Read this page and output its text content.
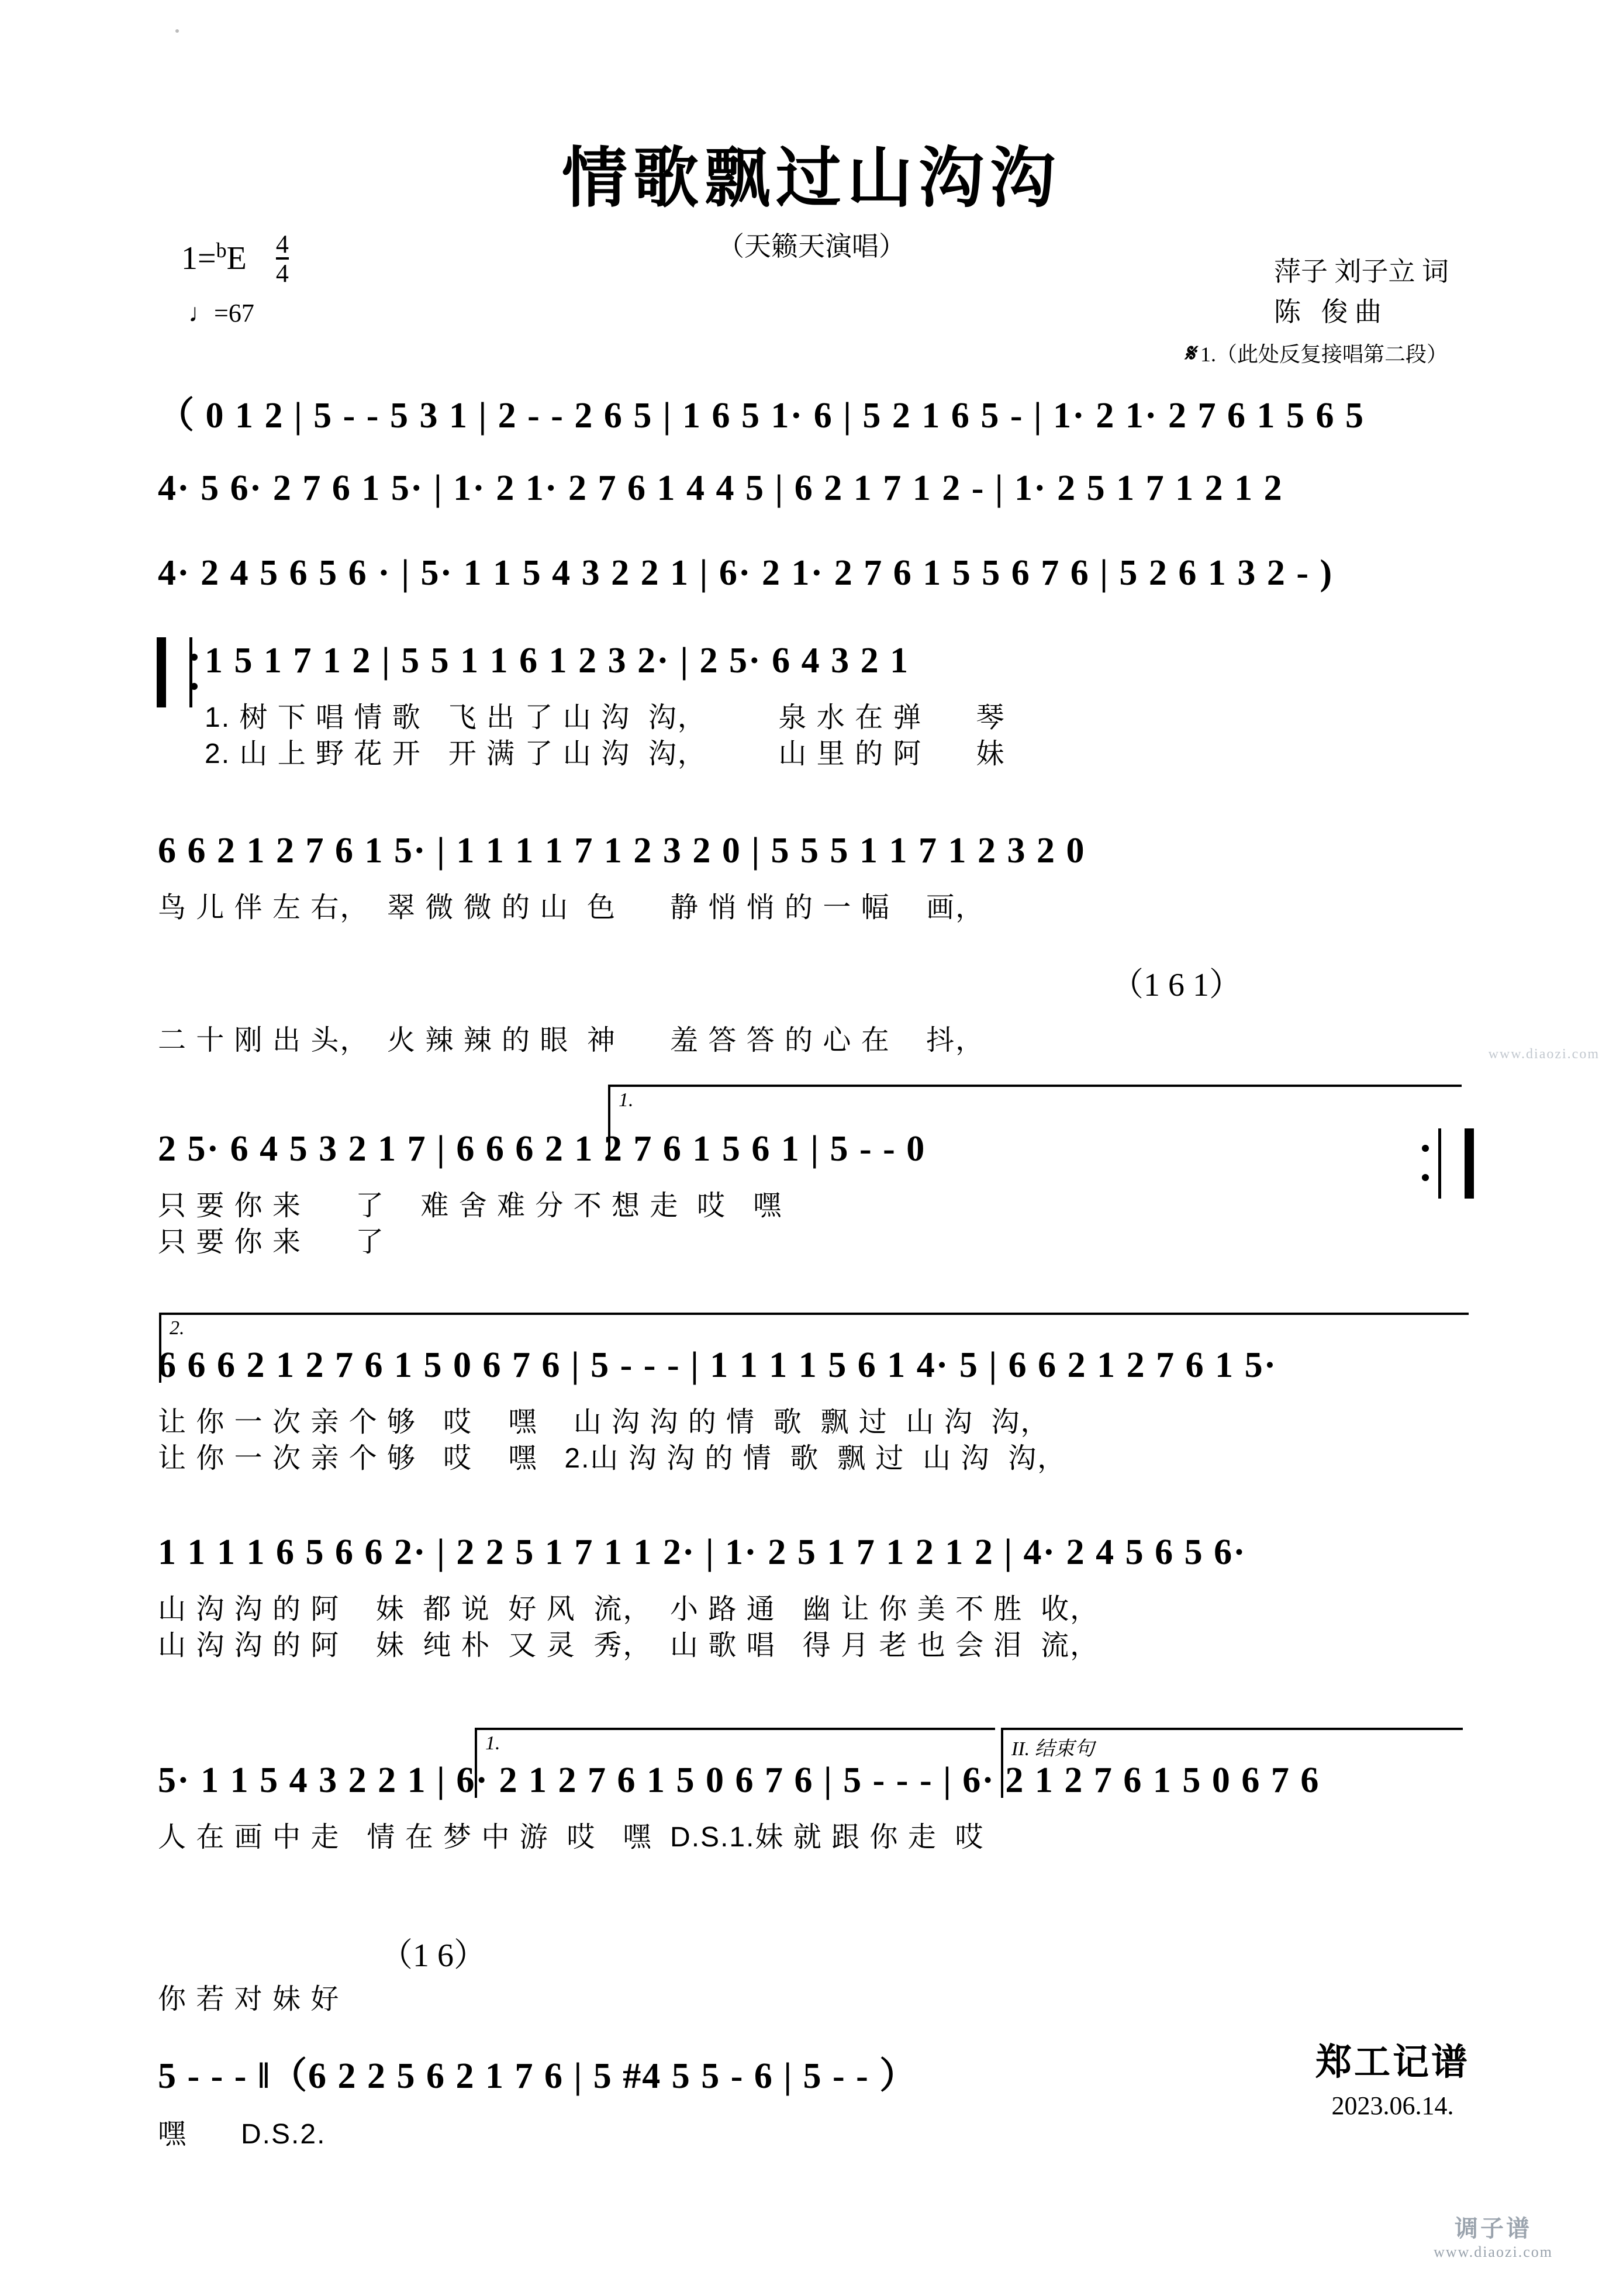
情歌飘过山沟沟
（天籁天演唱）
萍子 刘子立 词
陈   俊 曲
$1=^bE \frac{4}{4}$
♩=67
𝄋 1.（此处反复接唱第二段）
（ 0 1 2 | 5 - - 5 3 1 | 2 - - 2 6 5 | 1 6 5 1· 6 | 5 2 1 6 5 - | 1· 2 1· 2 7 6 1 5 6 5
4· 5 6· 2 7 6 1 5· | 1· 2 1· 2 7 6 1 4 4 5 | 6 2 1 7 1 2 - | 1· 2 5 1 7 1 2 1 2
4· 2 4 5 6 5 6 · | 5· 1 1 5 4 3 2 2 1 | 6· 2 1· 2 7 6 1 5 5 6 7 6 | 5 2 6 1 3 2 - )
1 5 1 7 1 2 | 5 5 1 1 6 1 2 3 2· | 2 5· 6 4 3 2 1
1. 树 下 唱 情 歌   飞 出 了 山 沟  沟，        泉 水 在 弹      琴
2. 山 上 野 花 开   开 满 了 山 沟  沟，        山 里 的 阿      妹
6 6 2 1 2 7 6 1 5· | 1 1 1 1 7 1 2 3 2 0 | 5 5 5 1 1 7 1 2 3 2 0
鸟 儿 伴 左 右，  翠 微 微 的 山  色      静 悄 悄 的 一 幅    画，
（1 6 1）
二 十 刚 出 头，  火 辣 辣 的 眼  神      羞 答 答 的 心 在    抖，
1.
2 5· 6 4 5 3 2 1 7 | 6 6 6 2 1 2 7 6 1 5 6 1 | 5 - - 0
只 要 你 来      了    难 舍 难 分 不 想 走  哎   嘿
只 要 你 来      了
2.
6 6 6 2 1 2 7 6 1 5 0 6 7 6 | 5 - - - | 1 1 1 1 5 6 1 4· 5 | 6 6 2 1 2 7 6 1 5·
让 你 一 次 亲 个 够   哎    嘿    山 沟 沟 的 情  歌  飘 过  山 沟  沟，
让 你 一 次 亲 个 够   哎    嘿   2.山 沟 沟 的 情  歌  飘 过  山 沟  沟，
1 1 1 1 6 5 6 6 2· | 2 2 5 1 7 1 1 2· | 1· 2 5 1 7 1 2 1 2 | 4· 2 4 5 6 5 6·
山 沟 沟 的 阿    妹  都 说  好 风  流，  小 路 通   幽 让 你 美 不 胜  收，
山 沟 沟 的 阿    妹  纯 朴  又 灵  秀，  山 歌 唱   得 月 老 也 会 泪  流，
1.	II. 结束句
5· 1 1 5 4 3 2 2 1 | 6· 2 1 2 7 6 1 5 0 6 7 6 | 5 - - - | 6· 2 1 2 7 6 1 5 0 6 7 6
人 在 画 中 走   情 在 梦 中 游  哎   嘿  D.S.1.妹 就 跟 你 走  哎
（1 6）
你 若 对 妹 好
5 - - - ‖（6 2 2 5 6 2 1 7 6 | 5 #4 5 5 - 6 | 5 - - ）
嘿      D.S.2.
郑工记谱
2023.06.14.
调子谱
www.diaozi.com
www.diaozi.com
